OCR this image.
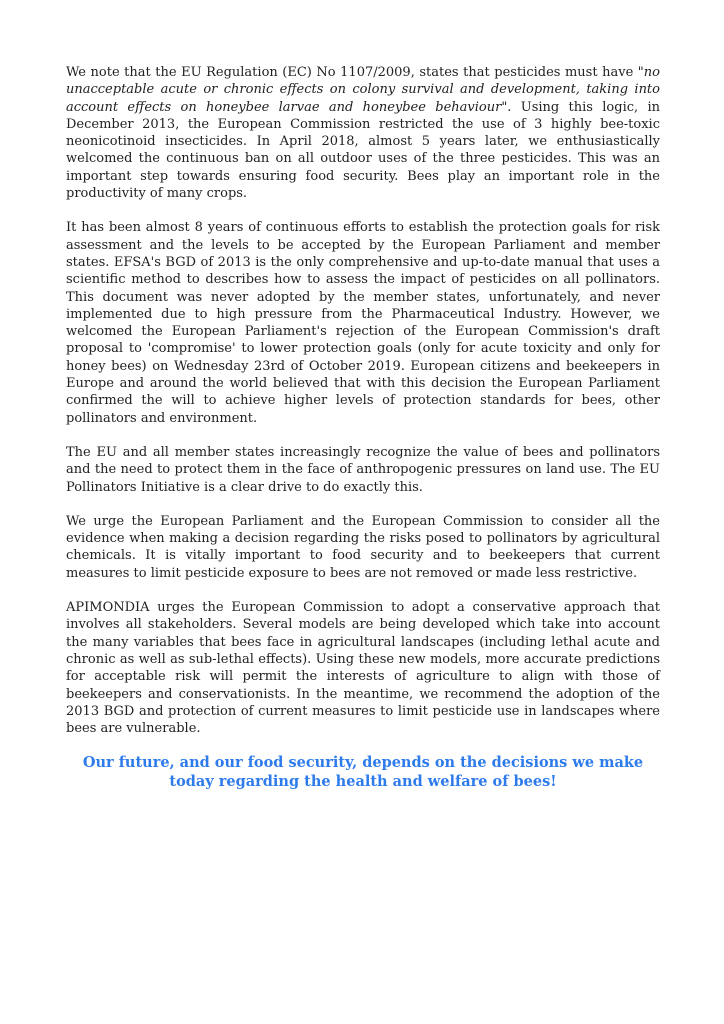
We note that the EU Regulation (EC) No 1107/2009, states that pesticides must have "no unacceptable acute or chronic effects on colony survival and development, taking into account effects on honeybee larvae and honeybee behaviour". Using this logic, in December 2013, the European Commission restricted the use of 3 highly bee-toxic neonicotinoid insecticides. In April 2018, almost 5 years later, we enthusiastically welcomed the continuous ban on all outdoor uses of the three pesticides. This was an important step towards ensuring food security. Bees play an important role in the productivity of many crops.

It has been almost 8 years of continuous efforts to establish the protection goals for risk assessment and the levels to be accepted by the European Parliament and member states. EFSA's BGD of 2013 is the only comprehensive and up-to-date manual that uses a scientific method to describes how to assess the impact of pesticides on all pollinators. This document was never adopted by the member states, unfortunately, and never implemented due to high pressure from the Pharmaceutical Industry. However, we welcomed the European Parliament's rejection of the European Commission's draft proposal to 'compromise' to lower protection goals (only for acute toxicity and only for honey bees) on Wednesday 23rd of October 2019. European citizens and beekeepers in Europe and around the world believed that with this decision the European Parliament confirmed the will to achieve higher levels of protection standards for bees, other pollinators and environment.

The EU and all member states increasingly recognize the value of bees and pollinators and the need to protect them in the face of anthropogenic pressures on land use. The EU Pollinators Initiative is a clear drive to do exactly this.

We urge the European Parliament and the European Commission to consider all the evidence when making a decision regarding the risks posed to pollinators by agricultural chemicals. It is vitally important to food security and to beekeepers that current measures to limit pesticide exposure to bees are not removed or made less restrictive.

APIMONDIA urges the European Commission to adopt a conservative approach that involves all stakeholders. Several models are being developed which take into account the many variables that bees face in agricultural landscapes (including lethal acute and chronic as well as sub-lethal effects). Using these new models, more accurate predictions for acceptable risk will permit the interests of agriculture to align with those of beekeepers and conservationists. In the meantime, we recommend the adoption of the 2013 BGD and protection of current measures to limit pesticide use in landscapes where bees are vulnerable.

Our future, and our food security, depends on the decisions we make today regarding the health and welfare of bees!
